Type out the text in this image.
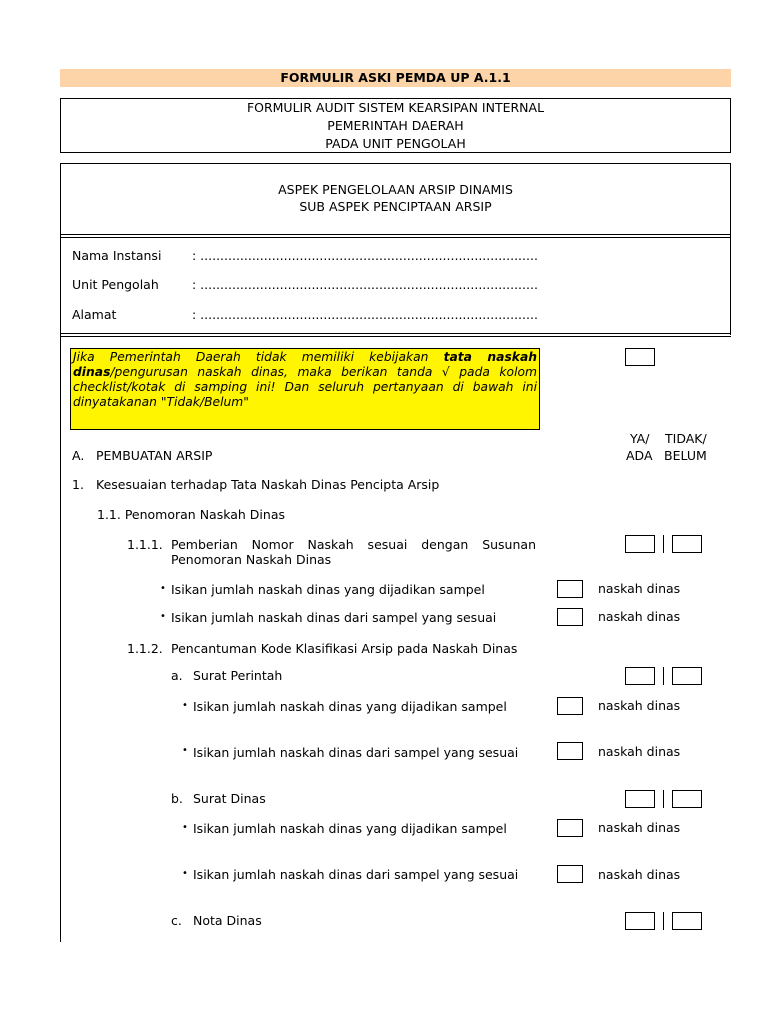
FORMULIR ASKI PEMDA UP A.1.1
FORMULIR AUDIT SISTEM KEARSIPAN INTERNAL
PEMERINTAH DAERAH
PADA UNIT PENGOLAH
ASPEK PENGELOLAAN ARSIP DINAMIS
SUB ASPEK PENCIPTAAN ARSIP
Nama Instansi : .....................................................................................
Unit Pengolah	: .....................................................................................
Alamat	: .....................................................................................
Jika Pemerintah Daerah tidak memiliki kebijakan tata naskah dinas/pengurusan naskah dinas, maka berikan tanda √ pada kolom checklist/kotak di samping ini! Dan seluruh pertanyaan di bawah ini dinyatakanan "Tidak/Belum"
YA/
ADA
TIDAK/
BELUM
A. PEMBUATAN ARSIP
1. Kesesuaian terhadap Tata Naskah Dinas Pencipta Arsip
1.1. Penomoran Naskah Dinas
1.1.1. Pemberian Nomor Naskah sesuai dengan Susunan Penomoran Naskah Dinas
• Isikan jumlah naskah dinas yang dijadikan sampel	naskah dinas
• Isikan jumlah naskah dinas dari sampel yang sesuai	naskah dinas
1.1.2. Pencantuman Kode Klasifikasi Arsip pada Naskah Dinas
a. Surat Perintah
• Isikan jumlah naskah dinas yang dijadikan sampel	naskah dinas
• Isikan jumlah naskah dinas dari sampel yang sesuai	naskah dinas
b. Surat Dinas
• Isikan jumlah naskah dinas yang dijadikan sampel	naskah dinas
• Isikan jumlah naskah dinas dari sampel yang sesuai	naskah dinas
c. Nota Dinas
